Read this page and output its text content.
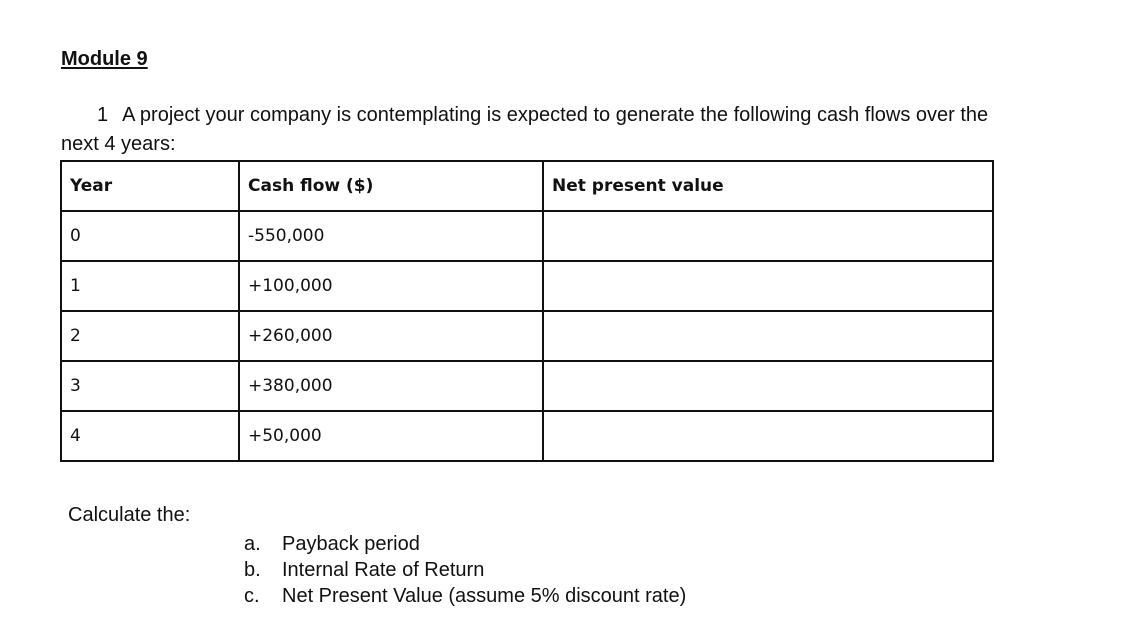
Module 9
1 A project your company is contemplating is expected to generate the following cash flows over the next 4 years:
Year	Cash flow ($)	Net present value
0	-550,000	
1	+100,000	
2	+260,000	
3	+380,000	
4	+50,000	
Calculate the:
a. Payback period
b. Internal Rate of Return
c. Net Present Value (assume 5% discount rate)
